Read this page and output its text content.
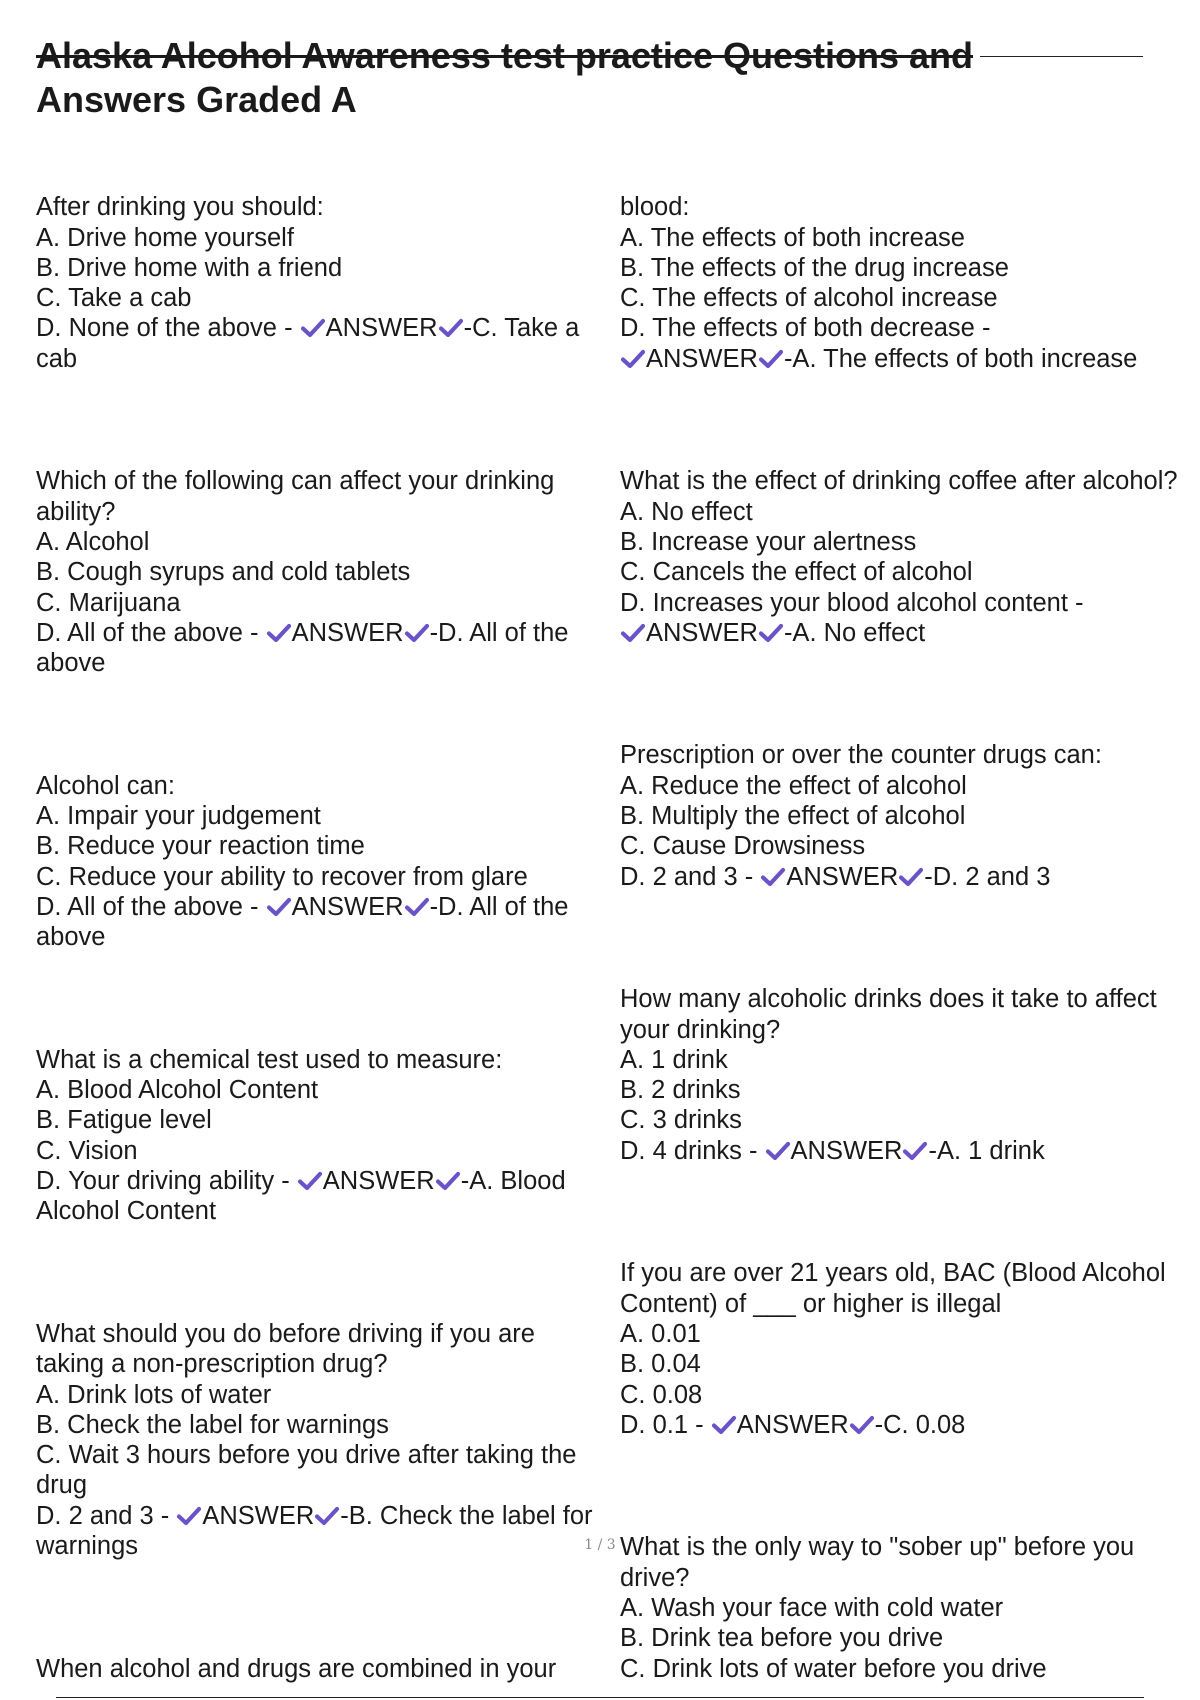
Alaska Alcohol Awareness test practice Questions and
Answers Graded A

After drinking you should:
A. Drive home yourself
B. Drive home with a friend
C. Take a cab
D. None of the above -
ANSWER -C. Take a cab

Which of the following can affect your drinking ability?
A. Alcohol
B. Cough syrups and cold tablets
C. Marijuana
D. All of the above -
ANSWER -D. All of the above

Alcohol can:
A. Impair your judgement
B. Reduce your reaction time
C. Reduce your ability to recover from glare
D. All of the above -
ANSWER -D. All of the above

What is a chemical test used to measure:
A. Blood Alcohol Content
B. Fatigue level
C. Vision
D. Your driving ability -
ANSWER -A. Blood Alcohol Content

What should you do before driving if you are taking a non-prescription drug?
A. Drink lots of water
B. Check the label for warnings
C. Wait 3 hours before you drive after taking the drug
D. 2 and 3 -
ANSWER -B. Check the label for warnings

When alcohol and drugs are combined in your

blood:
A. The effects of both increase
B. The effects of the drug increase
C. The effects of alcohol increase
D. The effects of both decrease -

ANSWER -A. The effects of both increase

What is the effect of drinking coffee after alcohol?
A. No effect
B. Increase your alertness
C. Cancels the effect of alcohol
D. Increases your blood alcohol content -

ANSWER -A. No effect

Prescription or over the counter drugs can:
A. Reduce the effect of alcohol
B. Multiply the effect of alcohol
C. Cause Drowsiness
D. 2 and 3 -
ANSWER -D. 2 and 3

How many alcoholic drinks does it take to affect your drinking?
A. 1 drink
B. 2 drinks
C. 3 drinks
D. 4 drinks -
ANSWER -A. 1 drink

If you are over 21 years old, BAC (Blood Alcohol Content) of ___ or higher is illegal
A. 0.01
B. 0.04
C. 0.08
D. 0.1 -
ANSWER -C. 0.08

What is the only way to "sober up" before you drive?
A. Wash your face with cold water
B. Drink tea before you drive
C. Drink lots of water before you drive

1 / 3
